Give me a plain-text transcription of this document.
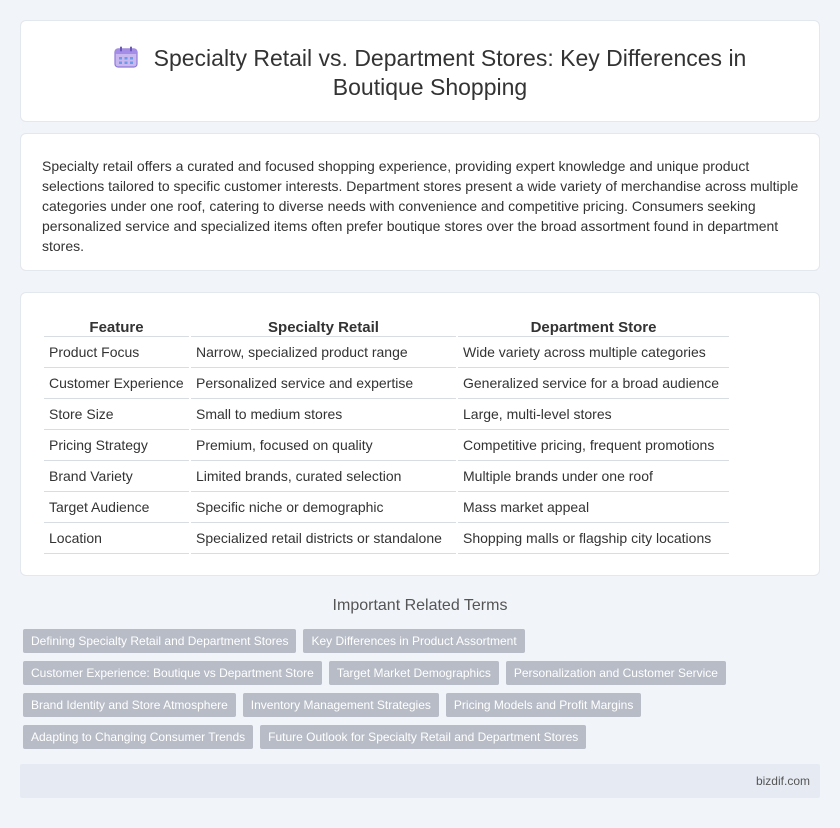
Specialty Retail vs. Department Stores: Key Differences in Boutique Shopping

Specialty retail offers a curated and focused shopping experience, providing expert knowledge and unique product selections tailored to specific customer interests. Department stores present a wide variety of merchandise across multiple categories under one roof, catering to diverse needs with convenience and competitive pricing. Consumers seeking personalized service and specialized items often prefer boutique stores over the broad assortment found in department stores.

Feature	Specialty Retail	Department Store
Product Focus	Narrow, specialized product range	Wide variety across multiple categories
Customer Experience	Personalized service and expertise	Generalized service for a broad audience
Store Size	Small to medium stores	Large, multi-level stores
Pricing Strategy	Premium, focused on quality	Competitive pricing, frequent promotions
Brand Variety	Limited brands, curated selection	Multiple brands under one roof
Target Audience	Specific niche or demographic	Mass market appeal
Location	Specialized retail districts or standalone	Shopping malls or flagship city locations
Important Related Terms
Defining Specialty Retail and Department Stores	Key Differences in Product Assortment
Customer Experience: Boutique vs Department Store	Target Market Demographics	Personalization and Customer Service
Brand Identity and Store Atmosphere	Inventory Management Strategies	Pricing Models and Profit Margins
Adapting to Changing Consumer Trends	Future Outlook for Specialty Retail and Department Stores
bizdif.com
